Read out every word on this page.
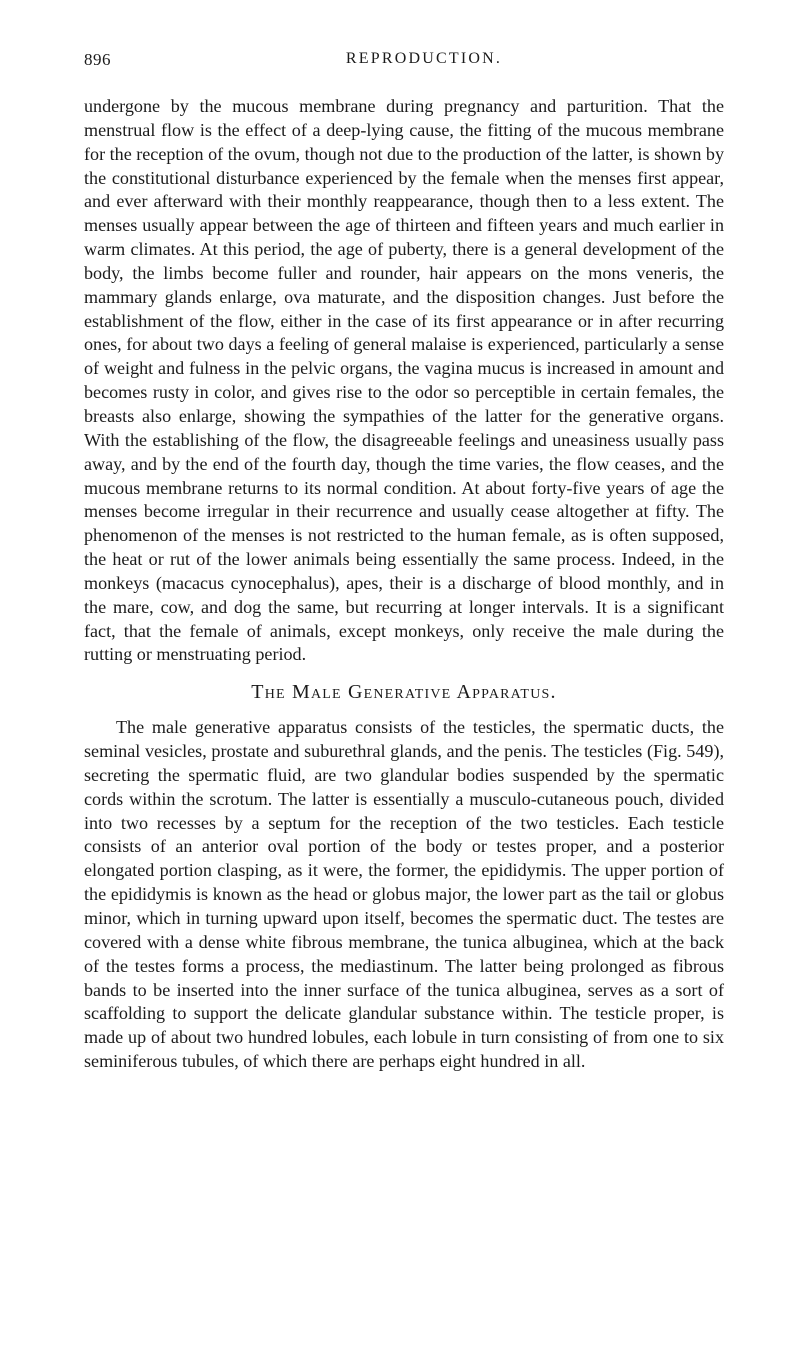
896	REPRODUCTION.

undergone by the mucous membrane during pregnancy and parturition. That the menstrual flow is the effect of a deep-lying cause, the fitting of the mucous membrane for the reception of the ovum, though not due to the production of the latter, is shown by the constitutional disturbance experienced by the female when the menses first appear, and ever afterward with their monthly reappearance, though then to a less extent. The menses usually appear between the age of thirteen and fifteen years and much earlier in warm climates. At this period, the age of puberty, there is a general development of the body, the limbs become fuller and rounder, hair appears on the mons veneris, the mammary glands enlarge, ova maturate, and the disposition changes. Just before the establishment of the flow, either in the case of its first appearance or in after recurring ones, for about two days a feeling of general malaise is experienced, particularly a sense of weight and fulness in the pelvic organs, the vagina mucus is increased in amount and becomes rusty in color, and gives rise to the odor so perceptible in certain females, the breasts also enlarge, showing the sympathies of the latter for the generative organs. With the establishing of the flow, the disagreeable feelings and uneasiness usually pass away, and by the end of the fourth day, though the time varies, the flow ceases, and the mucous membrane returns to its normal condition. At about forty-five years of age the menses become irregular in their recurrence and usually cease altogether at fifty. The phenomenon of the menses is not restricted to the human female, as is often supposed, the heat or rut of the lower animals being essentially the same process. Indeed, in the monkeys (macacus cynocephalus), apes, their is a discharge of blood monthly, and in the mare, cow, and dog the same, but recurring at longer intervals. It is a significant fact, that the female of animals, except monkeys, only receive the male during the rutting or menstruating period.

The Male Generative Apparatus.

The male generative apparatus consists of the testicles, the spermatic ducts, the seminal vesicles, prostate and suburethral glands, and the penis. The testicles (Fig. 549), secreting the spermatic fluid, are two glandular bodies suspended by the spermatic cords within the scrotum. The latter is essentially a musculo-cutaneous pouch, divided into two recesses by a septum for the reception of the two testicles. Each testicle consists of an anterior oval portion of the body or testes proper, and a posterior elongated portion clasping, as it were, the former, the epididymis. The upper portion of the epididymis is known as the head or globus major, the lower part as the tail or globus minor, which in turning upward upon itself, becomes the spermatic duct. The testes are covered with a dense white fibrous membrane, the tunica albuginea, which at the back of the testes forms a process, the mediastinum. The latter being prolonged as fibrous bands to be inserted into the inner surface of the tunica albuginea, serves as a sort of scaffolding to support the delicate glandular substance within. The testicle proper, is made up of about two hundred lobules, each lobule in turn consisting of from one to six seminiferous tubules, of which there are perhaps eight hundred in all.
